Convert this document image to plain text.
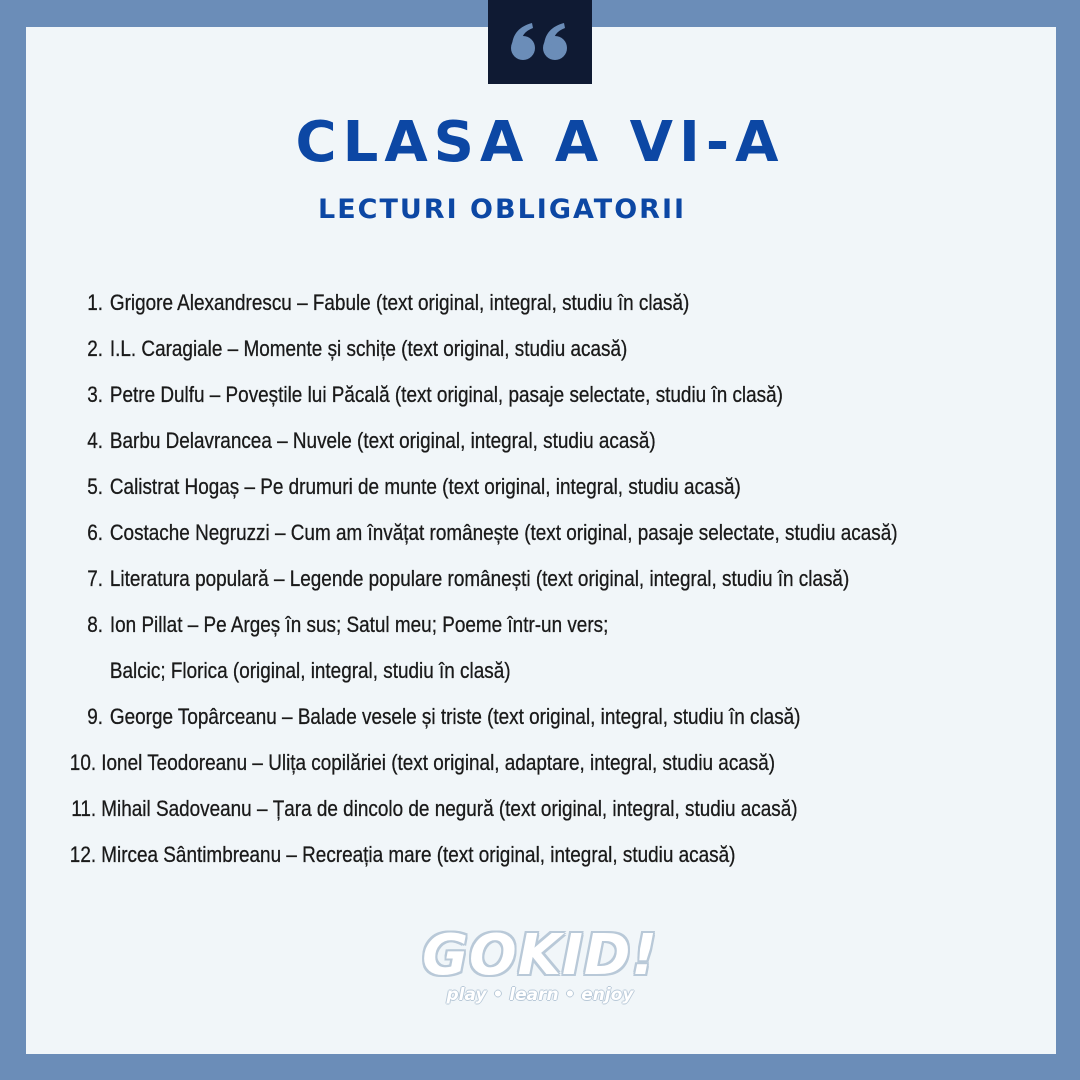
CLASA A VI-A
LECTURI OBLIGATORII
1. Grigore Alexandrescu – Fabule (text original, integral, studiu în clasă)
2. I.L. Caragiale – Momente și schițe (text original, studiu acasă)
3. Petre Dulfu – Poveștile lui Păcală (text original, pasaje selectate, studiu în clasă)
4. Barbu Delavrancea – Nuvele (text original, integral, studiu acasă)
5. Calistrat Hogaș – Pe drumuri de munte (text original, integral, studiu acasă)
6. Costache Negruzzi – Cum am învățat românește (text original, pasaje selectate, studiu acasă)
7. Literatura populară – Legende populare românești (text original, integral, studiu în clasă)
8. Ion Pillat – Pe Argeș în sus; Satul meu; Poeme într-un vers;
Balcic; Florica (original, integral, studiu în clasă)
9. George Topârceanu – Balade vesele și triste (text original, integral, studiu în clasă)
10. Ionel Teodoreanu – Ulița copilăriei (text original, adaptare, integral, studiu acasă)
11. Mihail Sadoveanu – Țara de dincolo de negură (text original, integral, studiu acasă)
12. Mircea Sântimbreanu – Recreația mare (text original, integral, studiu acasă)
GOKID!
play • learn • enjoy
